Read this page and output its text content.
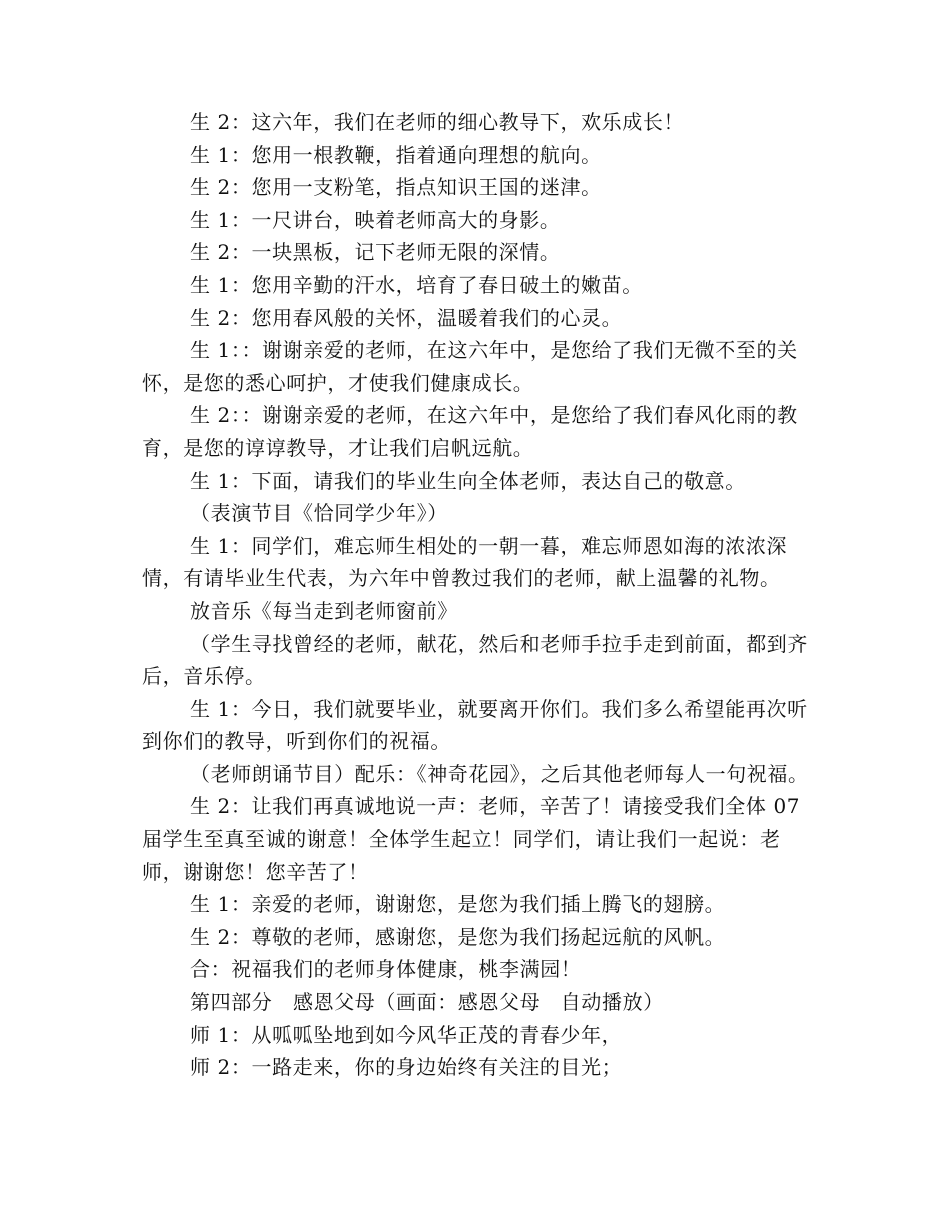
生 2：这六年，我们在老师的细心教导下，欢乐成长！

生 1：您用一根教鞭，指着通向理想的航向。

生 2：您用一支粉笔，指点知识王国的迷津。

生 1：一尺讲台，映着老师高大的身影。

生 2：一块黑板，记下老师无限的深情。

生 1：您用辛勤的汗水，培育了春日破土的嫩苗。

生 2：您用春风般的关怀，温暖着我们的心灵。

生 1：：谢谢亲爱的老师，在这六年中，是您给了我们无微不至的关怀，是您的悉心呵护，才使我们健康成长。

生 2：：谢谢亲爱的老师，在这六年中，是您给了我们春风化雨的教育，是您的谆谆教导，才让我们启帆远航。

生 1：下面，请我们的毕业生向全体老师，表达自己的敬意。

（表演节目《恰同学少年》）

生 1：同学们，难忘师生相处的一朝一暮，难忘师恩如海的浓浓深情，有请毕业生代表，为六年中曾教过我们的老师，献上温馨的礼物。

放音乐《每当走到老师窗前》

（学生寻找曾经的老师，献花，然后和老师手拉手走到前面，都到齐后，音乐停。

生 1：今日，我们就要毕业，就要离开你们。我们多么希望能再次听到你们的教导，听到你们的祝福。

（老师朗诵节目）配乐：《神奇花园》，之后其他老师每人一句祝福。

生 2：让我们再真诚地说一声：老师，辛苦了！请接受我们全体 07 届学生至真至诚的谢意！全体学生起立！同学们，请让我们一起说：老师，谢谢您！您辛苦了！

生 1：亲爱的老师，谢谢您，是您为我们插上腾飞的翅膀。

生 2：尊敬的老师，感谢您，是您为我们扬起远航的风帆。

合：祝福我们的老师身体健康，桃李满园！

第四部分　感恩父母（画面：感恩父母　自动播放）

师 1：从呱呱坠地到如今风华正茂的青春少年，

师 2：一路走来，你的身边始终有关注的目光；
